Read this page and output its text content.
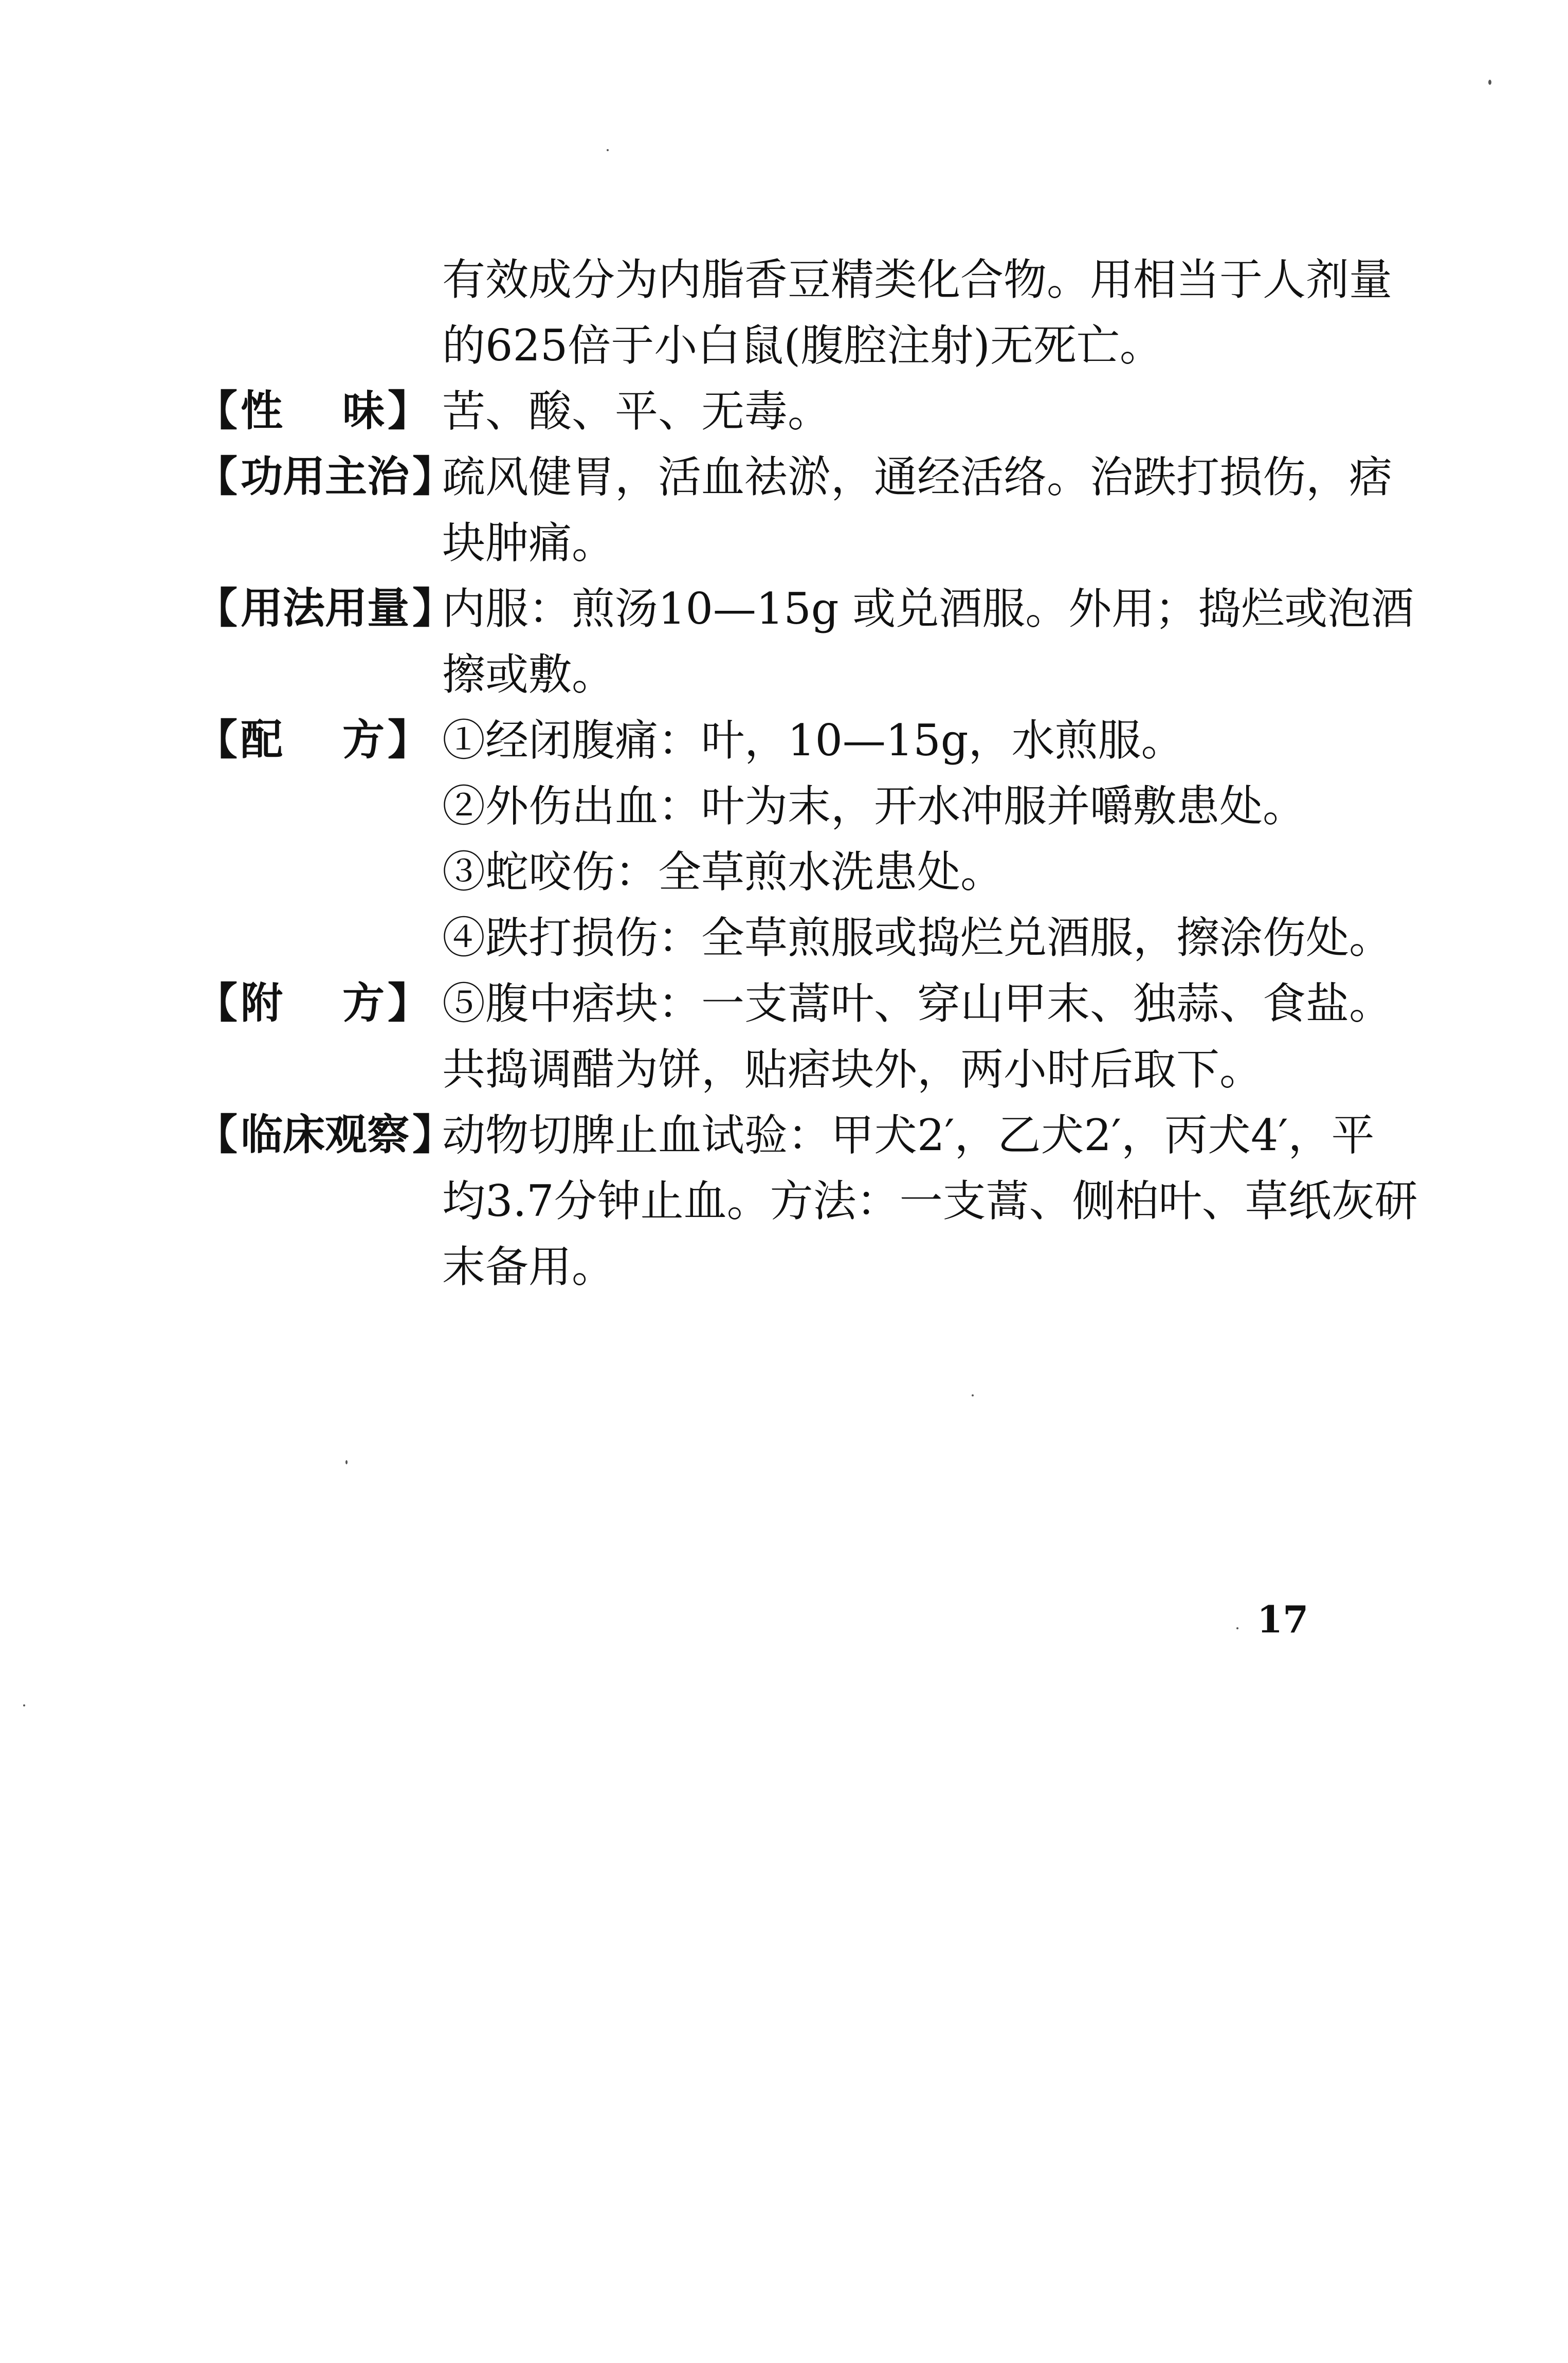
有效成分为内脂香豆精类化合物。用相当于人剂量
的625倍于小白鼠(腹腔注射)无死亡。
【 性 味 】 苦、酸、平、无毒。
【 功 用 主 治 】
疏风健胃，活血祛淤，通经活络。治跌打损伤，痞
块肿痛。
【 用 法 用 量 】
内服：煎汤10—15g 或兑酒服。外用；捣烂或泡酒
擦或敷。
【 配 方 】 ①经闭腹痛：叶，10—15g，水煎服。
②外伤出血：叶为末，开水冲服并嚼敷患处。
③蛇咬伤：全草煎水洗患处。
④跌打损伤：全草煎服或捣烂兑酒服，擦涂伤处。
【 附 方 】 ⑤腹中痞块：一支蒿叶、穿山甲末、独蒜、食盐。
共捣调醋为饼，贴痞块外，两小时后取下。
【 临 床 观 察 】
动物切脾止血试验：甲犬2′，乙犬2′，丙犬4′，平
均3.7分钟止血。方法：一支蒿、侧柏叶、草纸灰研
末备用。
17
